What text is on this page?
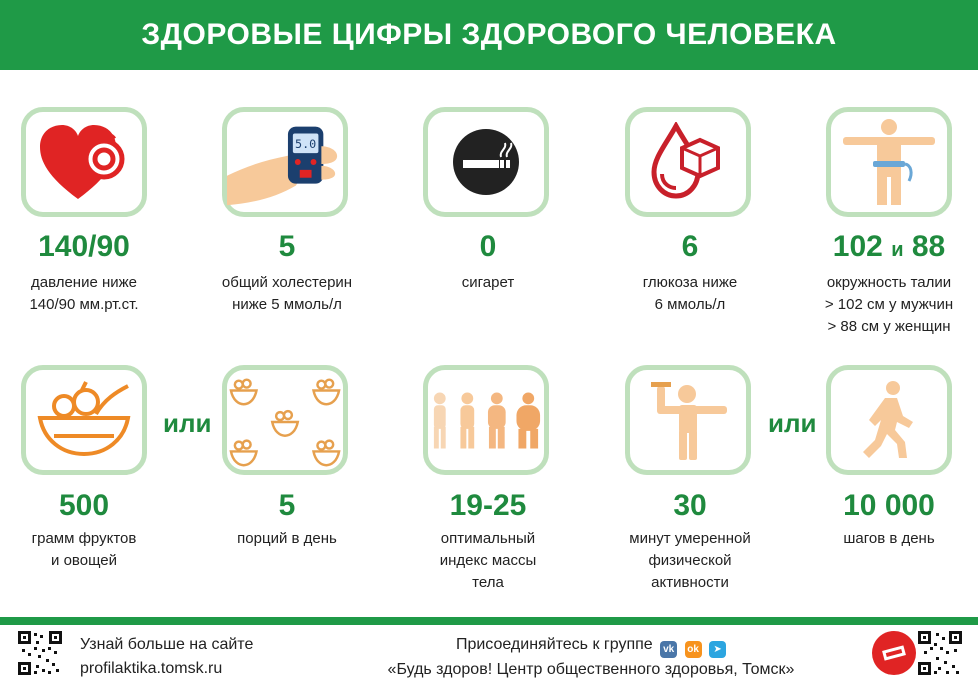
ЗДОРОВЫЕ ЦИФРЫ ЗДОРОВОГО ЧЕЛОВЕКА
5.0
140/90
давление ниже
140/90 мм.рт.ст.
5
общий холестерин
ниже 5 ммоль/л
0
сигарет
6
глюкоза ниже
6 ммоль/л
102 и 88
окружность талии
> 102 см у мужчин
> 88 см у женщин
или	или
500
грамм фруктов
и овощей
5
порций в день
19-25
оптимальный
индекс массы
тела
30
минут умеренной
физической
активности
10 000
шагов в день
Узнай больше на сайте
profilaktika.tomsk.ru
Присоединяйтесь к группе vk ok ➤
«Будь здоров! Центр общественного здоровья, Томск»
